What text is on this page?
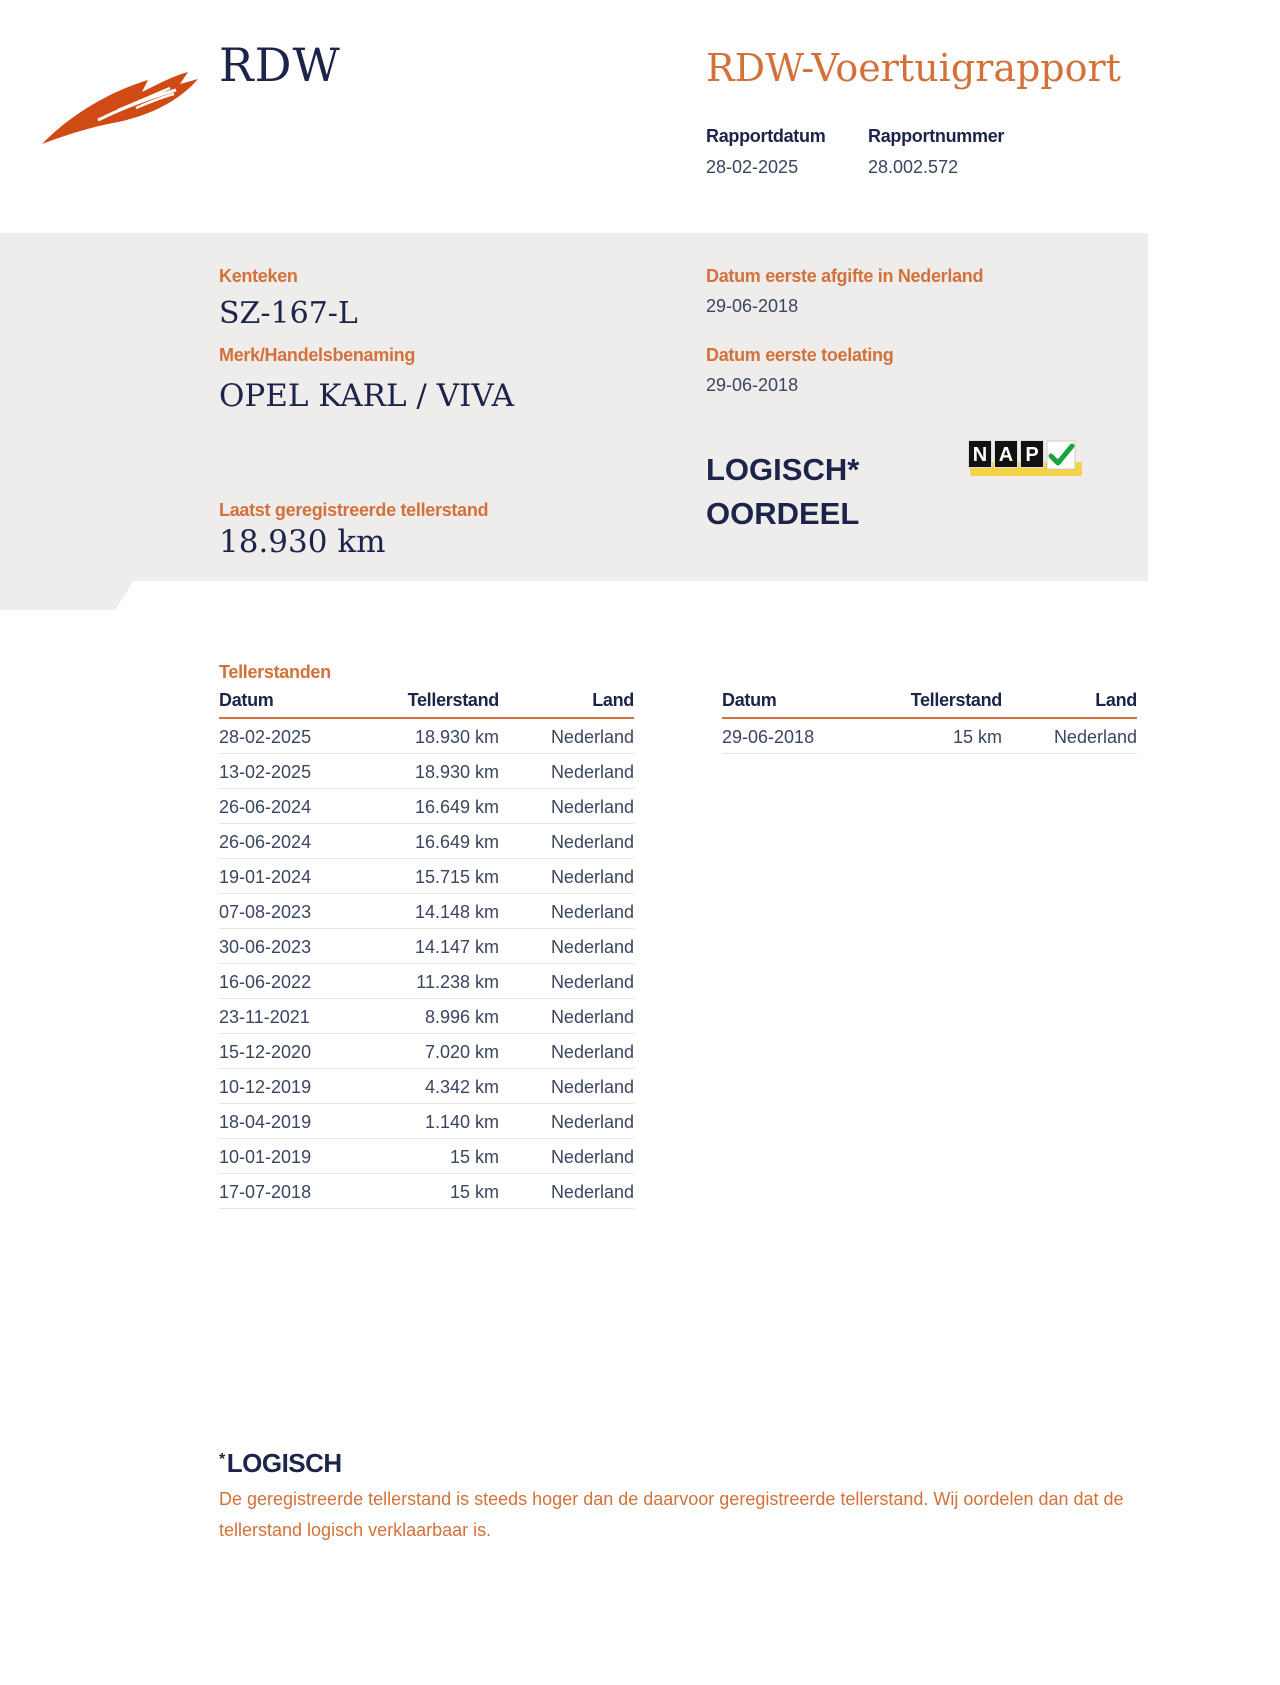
RDW	RDW-Voertuigrapport
Rapportdatum
28-02-2025
Rapportnummer
28.002.572
Kenteken
SZ-167-L
Merk/Handelsbenaming
OPEL KARL / VIVA
Laatst geregistreerde tellerstand
18.930 km
Datum eerste afgifte in Nederland
29-06-2018
Datum eerste toelating
29-06-2018
LOGISCH*
OORDEEL
N A P
Tellerstanden
Datum	Tellerstand	Land
28-02-2025	18.930 km	Nederland
13-02-2025	18.930 km	Nederland
26-06-2024	16.649 km	Nederland
26-06-2024	16.649 km	Nederland
19-01-2024	15.715 km	Nederland
07-08-2023	14.148 km	Nederland
30-06-2023	14.147 km	Nederland
16-06-2022	11.238 km	Nederland
23-11-2021	8.996 km	Nederland
15-12-2020	7.020 km	Nederland
10-12-2019	4.342 km	Nederland
18-04-2019	1.140 km	Nederland
10-01-2019	15 km	Nederland
17-07-2018	15 km	Nederland
Datum	Tellerstand	Land
29-06-2018	15 km	Nederland
*LOGISCH
De geregistreerde tellerstand is steeds hoger dan de daarvoor geregistreerde tellerstand. Wij oordelen dan dat de tellerstand logisch verklaarbaar is.
